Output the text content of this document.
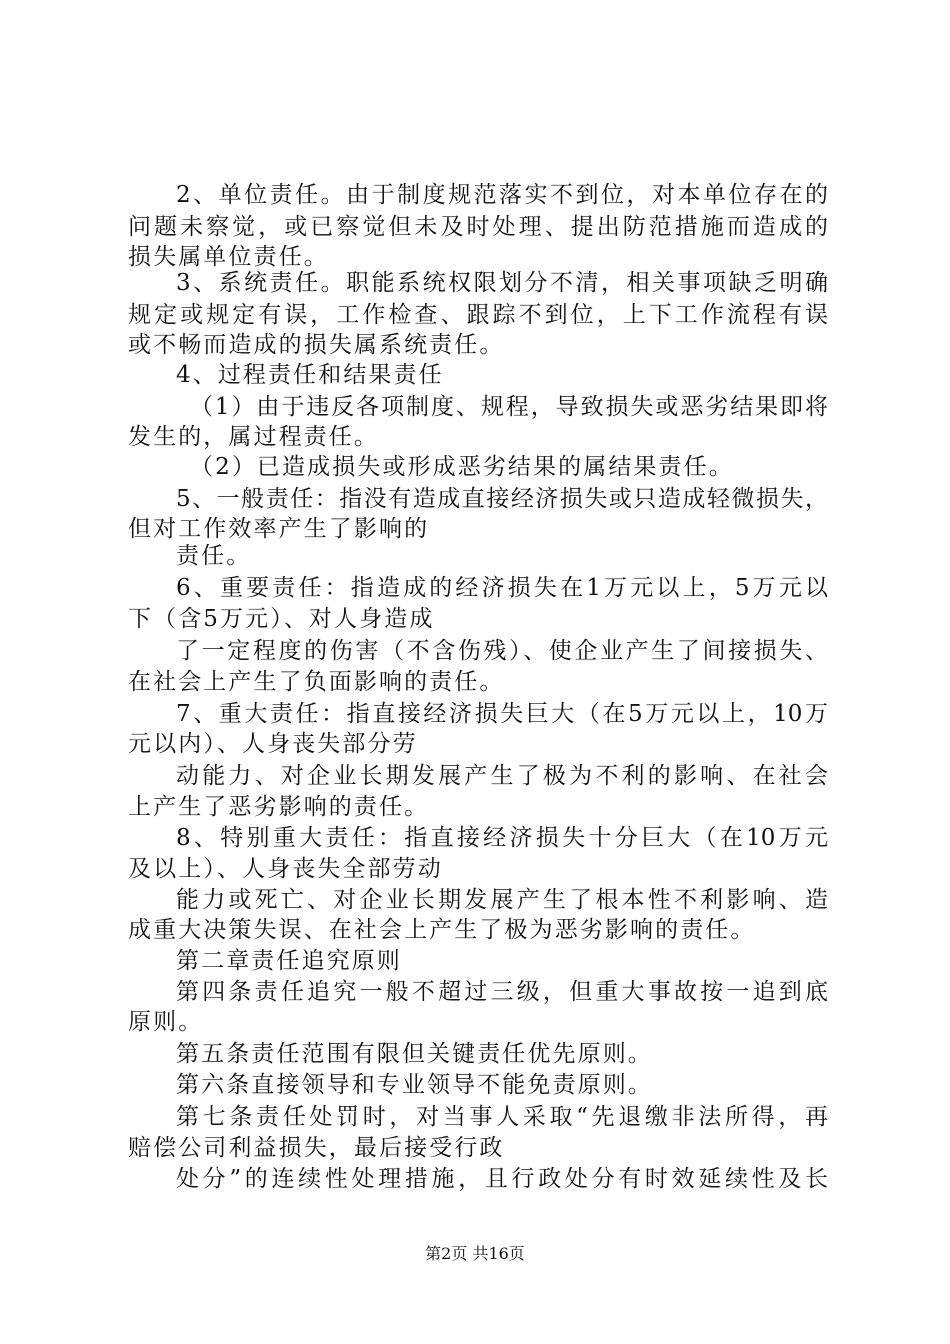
2、单位责任。由于制度规范落实不到位，对本单位存在的
问题未察觉，或已察觉但未及时处理、提出防范措施而造成的
损失属单位责任。
3、系统责任。职能系统权限划分不清，相关事项缺乏明确
规定或规定有误，工作检查、跟踪不到位，上下工作流程有误
或不畅而造成的损失属系统责任。
4、过程责任和结果责任
（1）由于违反各项制度、规程，导致损失或恶劣结果即将
发生的，属过程责任。
（2）已造成损失或形成恶劣结果的属结果责任。
5、一般责任：指没有造成直接经济损失或只造成轻微损失，
但对工作效率产生了影响的
责任。
6、重要责任：指造成的经济损失在1万元以上，5万元以
下（含5万元）、对人身造成
了一定程度的伤害（不含伤残）、使企业产生了间接损失、
在社会上产生了负面影响的责任。
7、重大责任：指直接经济损失巨大（在5万元以上，10万
元以内）、人身丧失部分劳
动能力、对企业长期发展产生了极为不利的影响、在社会
上产生了恶劣影响的责任。
8、特别重大责任：指直接经济损失十分巨大（在10万元
及以上）、人身丧失全部劳动
能力或死亡、对企业长期发展产生了根本性不利影响、造
成重大决策失误、在社会上产生了极为恶劣影响的责任。
第二章责任追究原则
第四条责任追究一般不超过三级，但重大事故按一追到底
原则。
第五条责任范围有限但关键责任优先原则。
第六条直接领导和专业领导不能免责原则。
第七条责任处罚时，对当事人采取“先退缴非法所得，再
赔偿公司利益损失，最后接受行政
处分”的连续性处理措施，且行政处分有时效延续性及长
第2页 共16页
